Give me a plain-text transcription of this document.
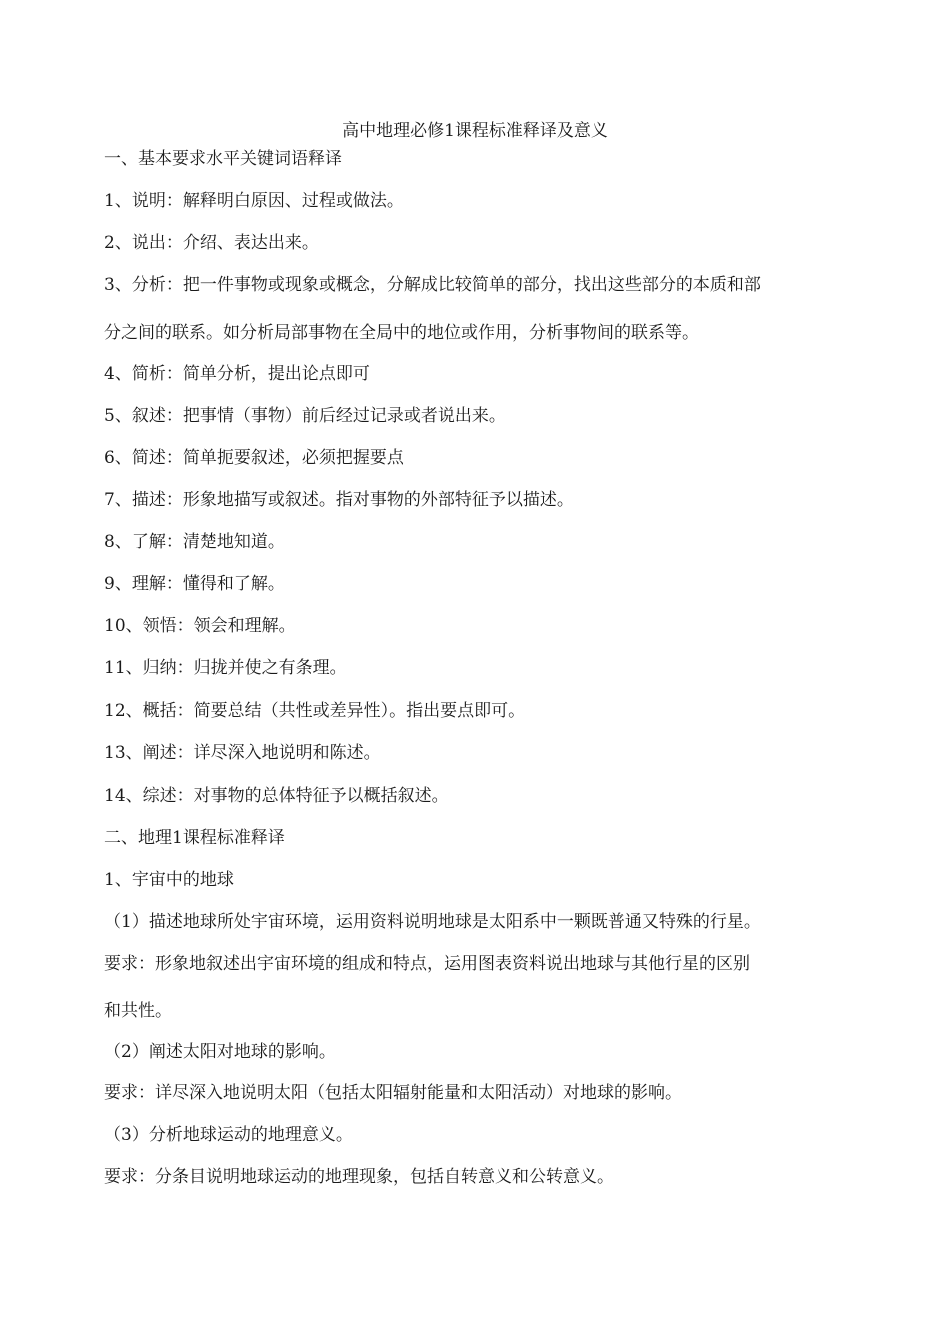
高中地理必修1课程标准释译及意义
一、基本要求水平关键词语释译
1、说明：解释明白原因、过程或做法。
2、说出：介绍、表达出来。
3、分析：把一件事物或现象或概念，分解成比较简单的部分，找出这些部分的本质和部
分之间的联系。如分析局部事物在全局中的地位或作用，分析事物间的联系等。
4、简析：简单分析，提出论点即可
5、叙述：把事情（事物）前后经过记录或者说出来。
6、简述：简单扼要叙述，必须把握要点
7、描述：形象地描写或叙述。指对事物的外部特征予以描述。
8、了解：清楚地知道。
9、理解：懂得和了解。
10、领悟：领会和理解。
11、归纳：归拢并使之有条理。
12、概括：简要总结（共性或差异性）。指出要点即可。
13、阐述：详尽深入地说明和陈述。
14、综述：对事物的总体特征予以概括叙述。
二、地理1课程标准释译
1、宇宙中的地球
（1）描述地球所处宇宙环境，运用资料说明地球是太阳系中一颗既普通又特殊的行星。
要求：形象地叙述出宇宙环境的组成和特点，运用图表资料说出地球与其他行星的区别
和共性。
（2）阐述太阳对地球的影响。
要求：详尽深入地说明太阳（包括太阳辐射能量和太阳活动）对地球的影响。
（3）分析地球运动的地理意义。
要求：分条目说明地球运动的地理现象，包括自转意义和公转意义。
